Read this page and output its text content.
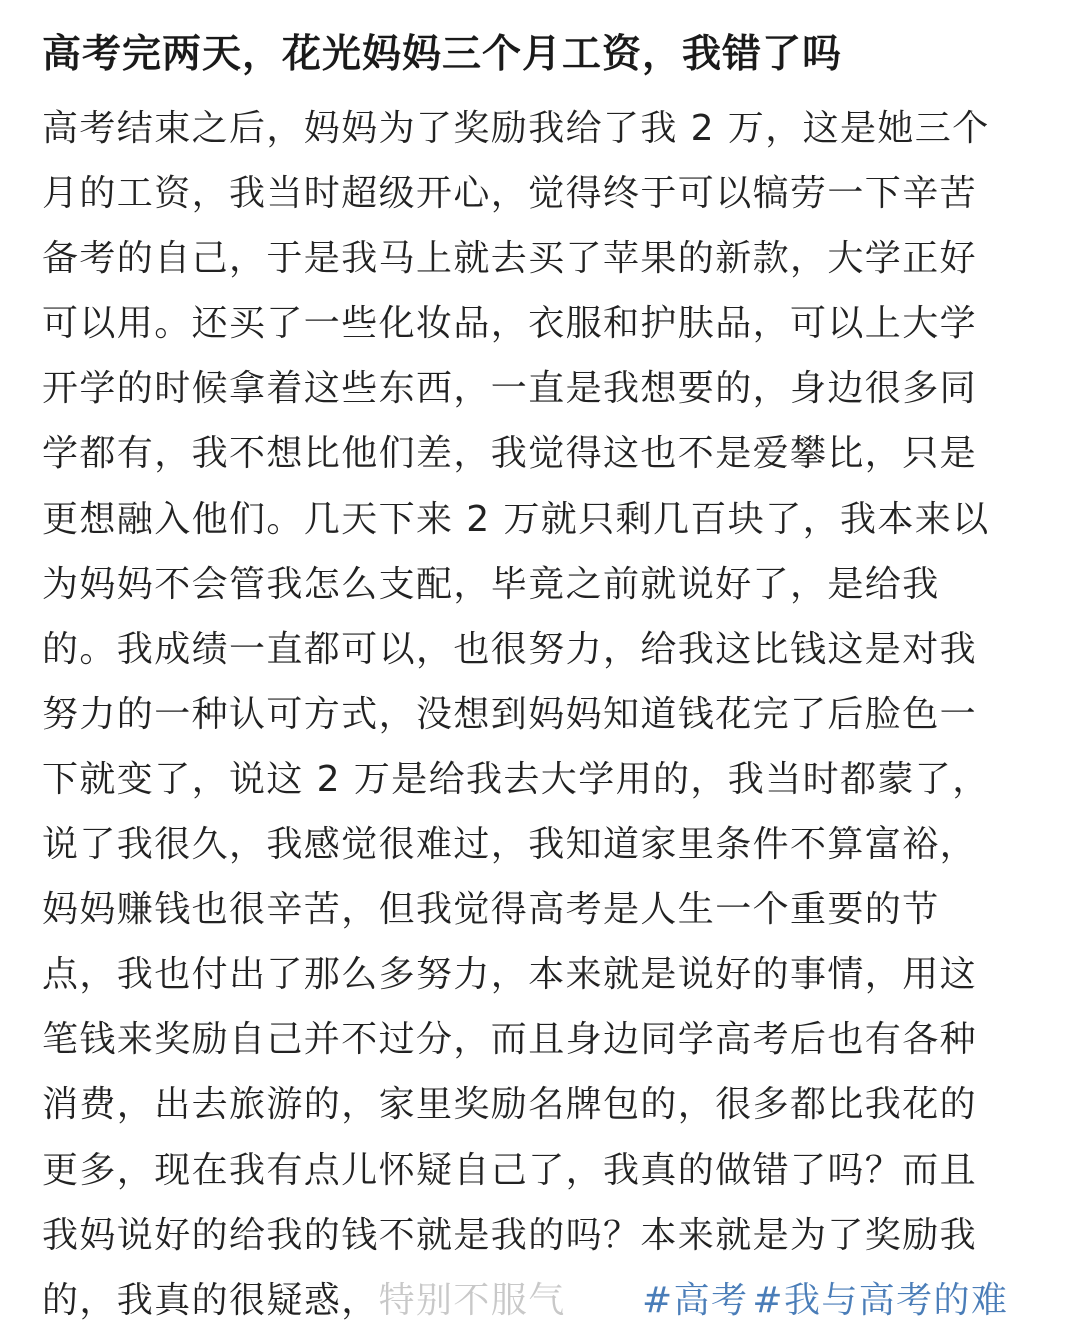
高考完两天，花光妈妈三个月工资，我错了吗
高考结束之后，妈妈为了奖励我给了我 2 万，这是她三个
月的工资，我当时超级开心，觉得终于可以犒劳一下辛苦
备考的自己，于是我马上就去买了苹果的新款，大学正好
可以用。还买了一些化妆品，衣服和护肤品，可以上大学
开学的时候拿着这些东西，一直是我想要的，身边很多同
学都有，我不想比他们差，我觉得这也不是爱攀比，只是
更想融入他们。几天下来 2 万就只剩几百块了，我本来以
为妈妈不会管我怎么支配，毕竟之前就说好了，是给我
的。我成绩一直都可以，也很努力，给我这比钱这是对我
努力的一种认可方式，没想到妈妈知道钱花完了后脸色一
下就变了，说这 2 万是给我去大学用的，我当时都蒙了，
说了我很久，我感觉很难过，我知道家里条件不算富裕，
妈妈赚钱也很辛苦，但我觉得高考是人生一个重要的节
点，我也付出了那么多努力，本来就是说好的事情，用这
笔钱来奖励自己并不过分，而且身边同学高考后也有各种
消费，出去旅游的，家里奖励名牌包的，很多都比我花的
更多，现在我有点儿怀疑自己了，我真的做错了吗？而且
我妈说好的给我的钱不就是我的吗？本来就是为了奖励我
的，我真的很疑惑，特别不服气 #高考 #我与高考的难
